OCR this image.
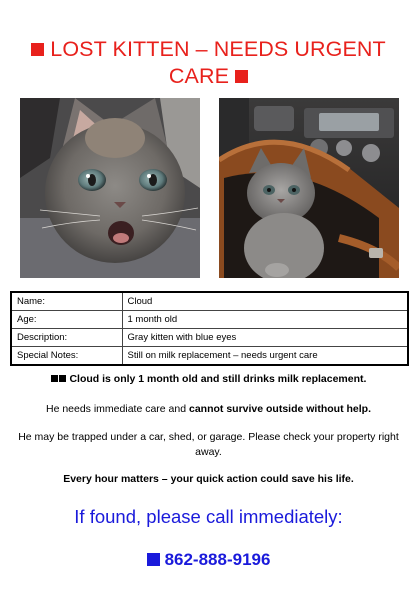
LOST KITTEN – NEEDS URGENT
CARE
Name:	Cloud
Age:	1 month old
Description:	Gray kitten with blue eyes
Special Notes:	Still on milk replacement – needs urgent care
Cloud is only 1 month old and still drinks milk replacement.
He needs immediate care and cannot survive outside without help.
He may be trapped under a car, shed, or garage. Please check your property right away.
Every hour matters – your quick action could save his life.
If found, please call immediately:
862-888-9196
